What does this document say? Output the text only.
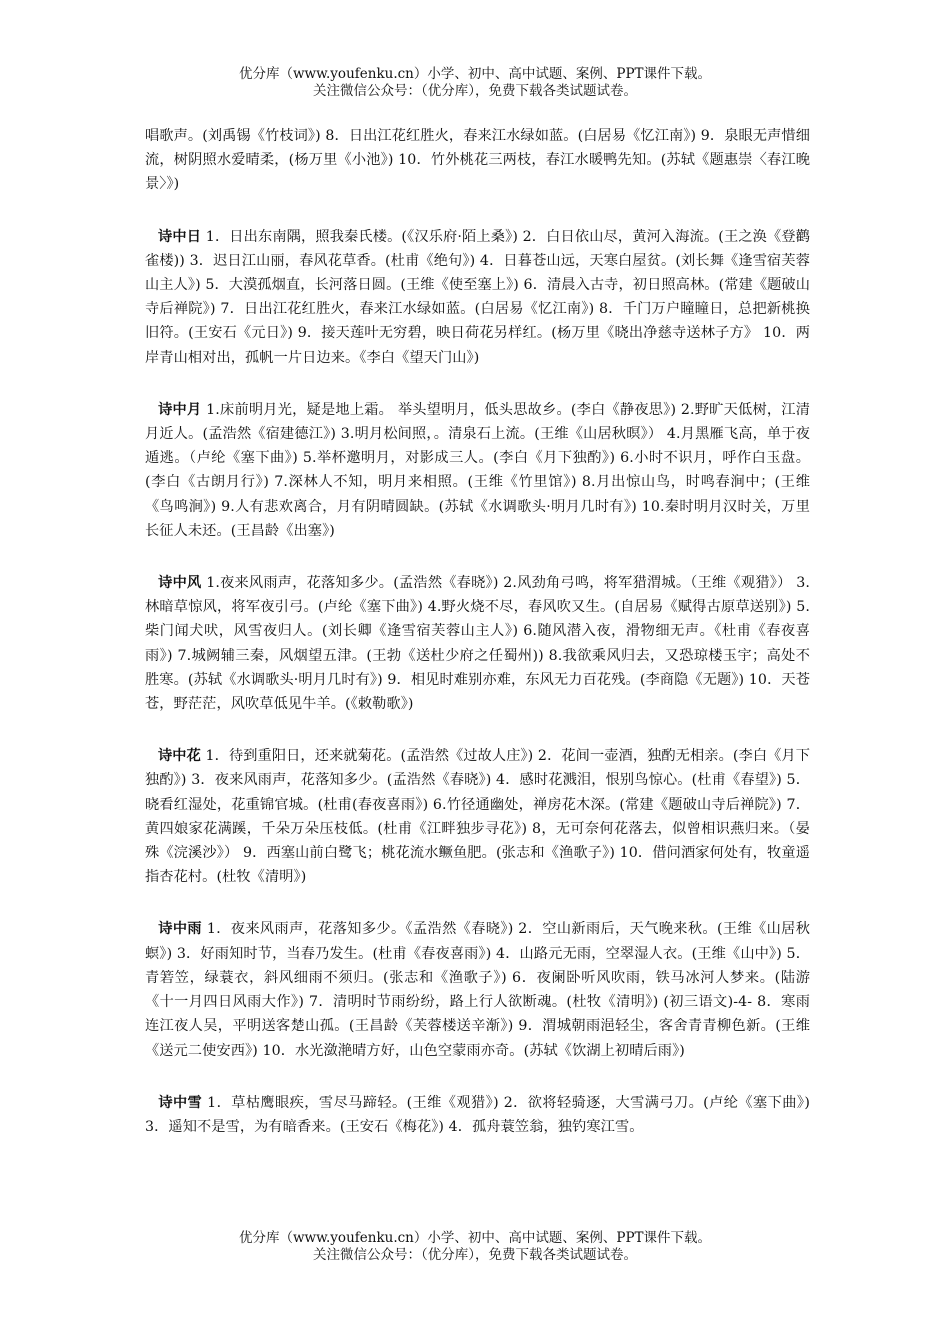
优分库（www.youfenku.cn）小学、初中、高中试题、案例、PPT课件下载。
关注微信公众号：（优分库），免费下载各类试题试卷。

唱歌声。(刘禹锡《竹枝词》) 8．日出江花红胜火，春来江水绿如蓝。(白居易《忆江南》) 9．泉眼无声惜细流，树阴照水爱晴柔，(杨万里《小池》) 10．竹外桃花三两枝，春江水暖鸭先知。(苏轼《题惠崇〈春江晚景〉》)

诗中日 1．日出东南隅，照我秦氏楼。(《汉乐府·陌上桑》) 2．白日依山尽，黄河入海流。(王之涣《登鹳雀楼)) 3．迟日江山丽，春风花草香。(杜甫《绝句》) 4．日暮苍山远，天寒白屋贫。(刘长舞《逢雪宿芙蓉山主人》) 5．大漠孤烟直，长河落日圆。(王维《使至塞上》) 6．清晨入古寺，初日照高林。(常建《题破山寺后禅院》) 7．日出江花红胜火，春来江水绿如蓝。(白居易《忆江南》) 8．千门万户瞳瞳日，总把新桃换旧符。(王安石《元日》) 9．接天莲叶无穷碧，映日荷花另样红。(杨万里《晓出净慈寺送林子方》 10．两岸青山相对出，孤帆一片日边来。《李白《望天门山》)

诗中月 1.床前明月光，疑是地上霜。 举头望明月，低头思故乡。(李白《静夜思》) 2.野旷天低树，江清月近人。(孟浩然《宿建德江》) 3.明月松间照，。清泉石上流。(王维《山居秋暝》） 4.月黑雁飞高，单于夜遁逃。（卢纶《塞下曲》) 5.举杯邀明月，对影成三人。(李白《月下独酌》) 6.小时不识月，呼作白玉盘。(李白《古朗月行》) 7.深林人不知，明月来相照。(王维《竹里馆》) 8.月出惊山鸟，时鸣春涧中；(王维《鸟鸣涧》) 9.人有悲欢离合，月有阴晴圆缺。(苏轼《水调歌头·明月几时有》) 10.秦时明月汉时关，万里长征人未还。(王昌龄《出塞》)

诗中风 1.夜来风雨声，花落知多少。(孟浩然《春晓》) 2.风劲角弓鸣，将军猎渭城。（王维《观猎》） 3.林暗草惊风，将军夜引弓。(卢纶《塞下曲》) 4.野火烧不尽，春风吹又生。(自居易《赋得古原草送别》) 5.柴门闻犬吠，风雪夜归人。(刘长卿《逢雪宿芙蓉山主人》) 6.随风潜入夜，滑物细无声。《杜甫《春夜喜雨》) 7.城阙辅三秦，风烟望五津。(王勃《送杜少府之任蜀州)) 8.我欲乘风归去，又恐琼楼玉宇；高处不胜寒。(苏轼《水调歌头·明月几时有》) 9．相见时难别亦难，东风无力百花残。(李商隐《无题》) 10．天苍苍，野茫茫，风吹草低见牛羊。(《敕勒歌》)

诗中花 1．待到重阳日，还来就菊花。(孟浩然《过故人庄》) 2．花间一壶酒，独酌无相亲。(李白《月下独酌》) 3．夜来风雨声，花落知多少。(孟浩然《春晓》) 4．感时花溅泪，恨别鸟惊心。(杜甫《春望》) 5．晓看红湿处，花重锦官城。(杜甫(春夜喜雨》) 6.竹径通幽处，禅房花木深。(常建《题破山寺后禅院》) 7．黄四娘家花满蹊，千朵万朵压枝低。(杜甫《江畔独步寻花》) 8，无可奈何花落去，似曾相识燕归来。（晏殊《浣溪沙》） 9．西塞山前白鹭飞；桃花流水鳜鱼肥。(张志和《渔歌子》) 10．借问酒家何处有，牧童遥指杏花村。(杜牧《清明》)

诗中雨 1．夜来风雨声，花落知多少。《孟浩然《春晓》) 2．空山新雨后，天气晚来秋。(王维《山居秋螟》) 3．好雨知时节，当春乃发生。(杜甫《春夜喜雨》) 4．山路元无雨，空翠湿人衣。(王维《山中》) 5．青箬笠，绿蓑衣，斜风细雨不须归。(张志和《渔歌子》) 6．夜阑卧听风吹雨，铁马冰河人梦来。(陆游《十一月四日风雨大作》) 7．清明时节雨纷纷，路上行人欲断魂。(杜牧《清明》) (初三语文)-4- 8．寒雨连江夜人吴，平明送客楚山孤。(王昌龄《芙蓉楼送辛渐》) 9．渭城朝雨浥轻尘，客舍青青柳色新。(王维《送元二使安西》) 10．水光潋滟晴方好，山色空蒙雨亦奇。(苏轼《饮湖上初晴后雨》)

诗中雪 1．草枯鹰眼疾，雪尽马蹄轻。(王维《观猎》) 2．欲将轻骑逐，大雪满弓刀。(卢纶《塞下曲》) 3．遥知不是雪，为有暗香来。(王安石《梅花》) 4．孤舟蓑笠翁，独钓寒江雪。

优分库（www.youfenku.cn）小学、初中、高中试题、案例、PPT课件下载。
关注微信公众号：（优分库），免费下载各类试题试卷。
